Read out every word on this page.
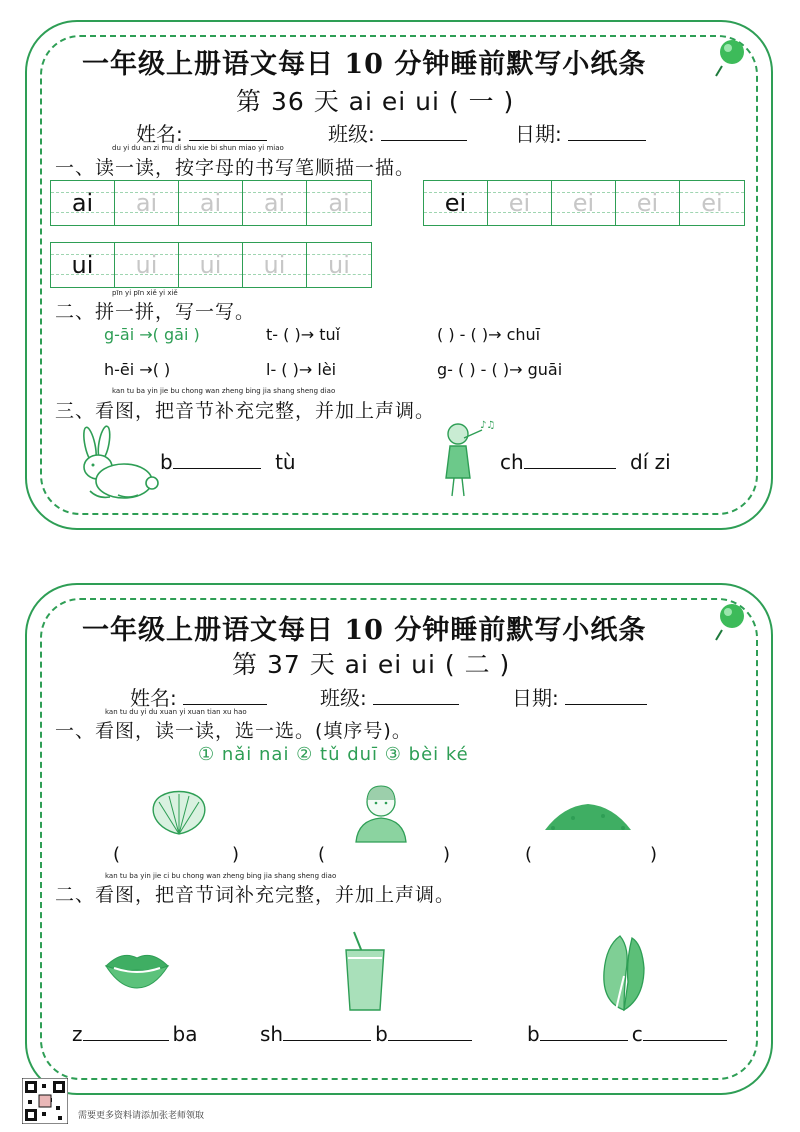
一年级上册语文每日 10 分钟睡前默写小纸条
第 36 天 ai ei ui ( 一 )
姓名:	班级:	日期:
du yi du an zi mu di shu xie bi shun miao yi miao
一、读一读，按字母的书写笔顺描一描。
ai ai ai ai ai	ei ei ei ei ei
ui ui ui ui ui
pīn yi pīn xiě yi xiě
二、拼一拼，写一写。
g-āi →( gāi )	t- ( )→ tuǐ	( ) - ( )→ chuī
h-ēi →( )	l- ( )→ lèi	g- ( ) - ( )→ guāi
kan tu ba yin jie bu chong wan zheng bing jia shang sheng diao
三、看图，把音节补充完整，并加上声调。
b	tù
♪♫
ch	dí zi
一年级上册语文每日 10 分钟睡前默写小纸条
第 37 天 ai ei ui ( 二 )
姓名:	班级:	日期:
kan tu du yi du xuan yi xuan tian xu hao
一、看图，读一读，选一选。(填序号)。
① nǎi nai ② tǔ duī ③ bèi ké
(	)	(	)	(	)
kan tu ba yin jie ci bu chong wan zheng bing jia shang sheng diao
二、看图，把音节词补充完整，并加上声调。
z	ba	sh	b	b	c
需要更多资料请添加张老师领取
